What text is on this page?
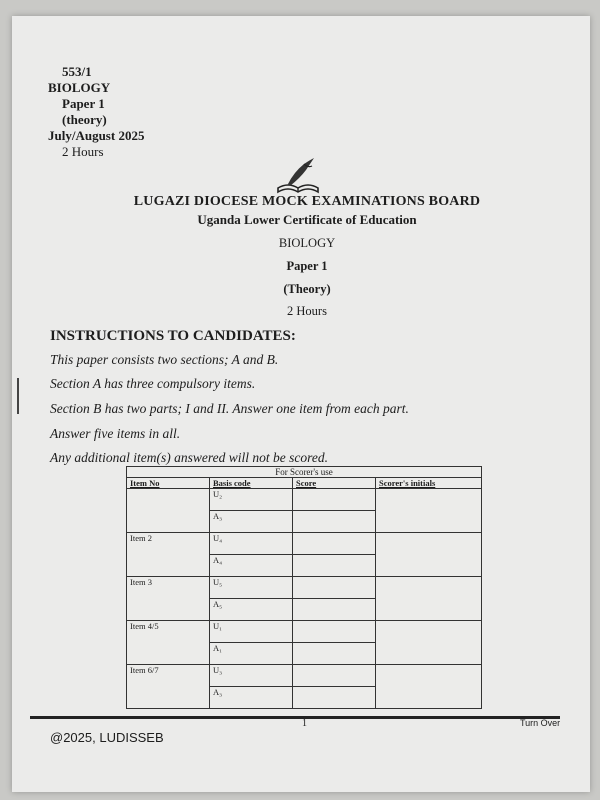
553/1
BIOLOGY
Paper 1
(theory)
July/August 2025
2 Hours
LUGAZI DIOCESE MOCK EXAMINATIONS BOARD
Uganda Lower Certificate of Education
BIOLOGY
Paper 1
(Theory)
2 Hours
INSTRUCTIONS TO CANDIDATES:
This paper consists two sections; A and B.
Section A has three compulsory items.
Section B has two parts; I and II. Answer one item from each part.
Answer five items in all.
Any additional item(s) answered will not be scored.
For Scorer's use			
Item No	Basis code	Score	Scorer's initials
	U₂		
	A₃		
Item 2	U₄		
	A₄		
Item 3	U₅		
	A₅		
Item 4/5	U₁		
	A₁		
Item 6/7	U₃		
	A₃		
1	Turn Over
@2025, LUDISSEB
